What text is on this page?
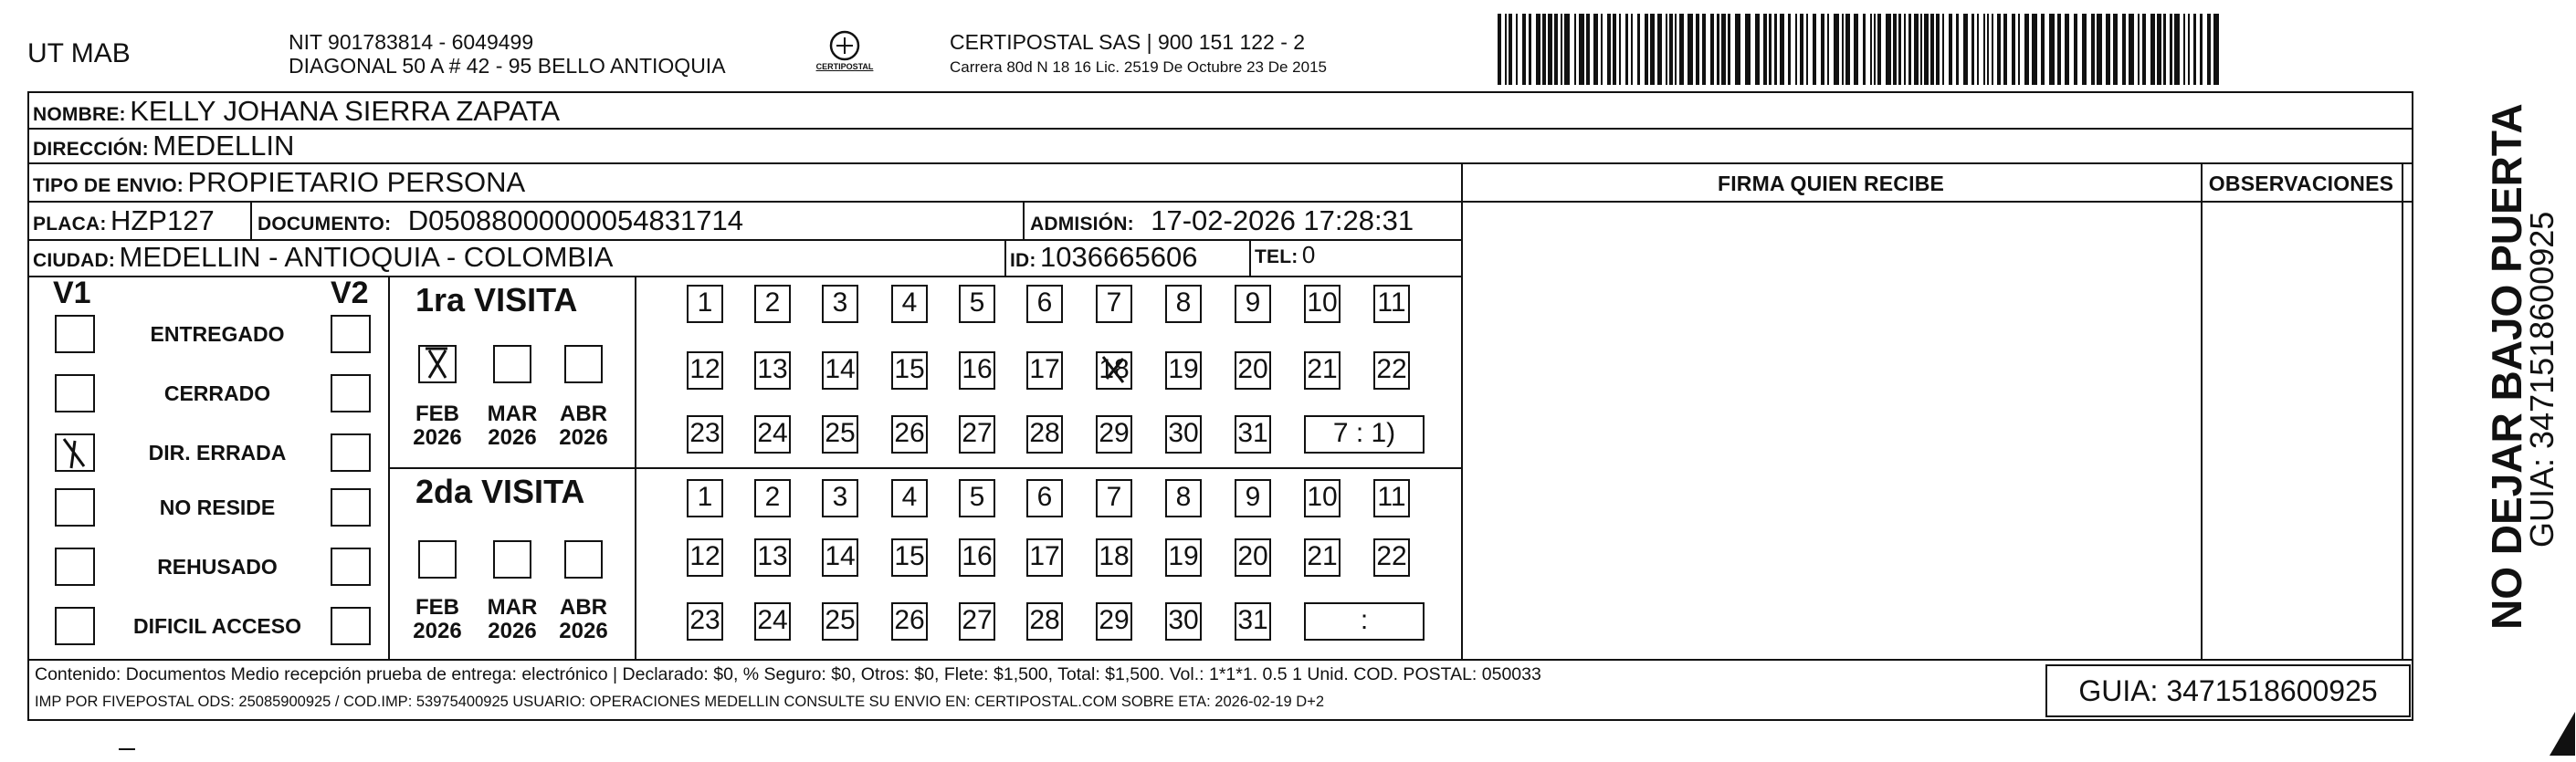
UT MAB	NIT 901783814 - 6049499
DIAGONAL 50 A # 42 - 95 BELLO ANTIOQUIA	CERTIPOSTAL
CERTIPOSTAL SAS | 900 151 122 - 2
Carrera 80d N 18 16 Lic. 2519 De Octubre 23 De 2015
NOMBRE: KELLY JOHANA SIERRA ZAPATA
DIRECCIÓN: MEDELLIN
TIPO DE ENVIO: PROPIETARIO PERSONA
PLACA: HZP127 DOCUMENTO: D05088000000054831714	ADMISIÓN: 17-02-2026 17:28:31
CIUDAD: MEDELLIN - ANTIOQUIA - COLOMBIA	ID: 1036665606	TEL: 0
FIRMA QUIEN RECIBE	OBSERVACIONES NO DEJAR BAJO PUERTA
GUIA: 3471518600925
V1	V2
ENTREGADO
CERRADO
DIR. ERRADA
NO RESIDE
REHUSADO
DIFICIL ACCESO
1ra VISITA
FEB
2026
MAR
2026
ABR
2026
1	2	3	4	5	6	7	8	9	10 11
12 13 14 15 16 17 18 19 20 21 22
23 24 25 26 27 28 29 30 31	7 : 1)
2da VISITA
FEB
2026
MAR
2026
ABR
2026
1	2	3	4	5	6	7	8	9	10 11
12 13 14 15 16 17 18 19 20 21 22
23 24 25 26 27 28 29 30 31	:
Contenido: Documentos Medio recepción prueba de entrega: electrónico | Declarado: $0, % Seguro: $0, Otros: $0, Flete: $1,500, Total: $1,500. Vol.: 1*1*1. 0.5 1 Unid. COD. POSTAL: 050033
IMP POR FIVEPOSTAL ODS: 25085900925 / COD.IMP: 53975400925 USUARIO: OPERACIONES MEDELLIN CONSULTE SU ENVIO EN: CERTIPOSTAL.COM SOBRE ETA: 2026-02-19 D+2	GUIA: 3471518600925
